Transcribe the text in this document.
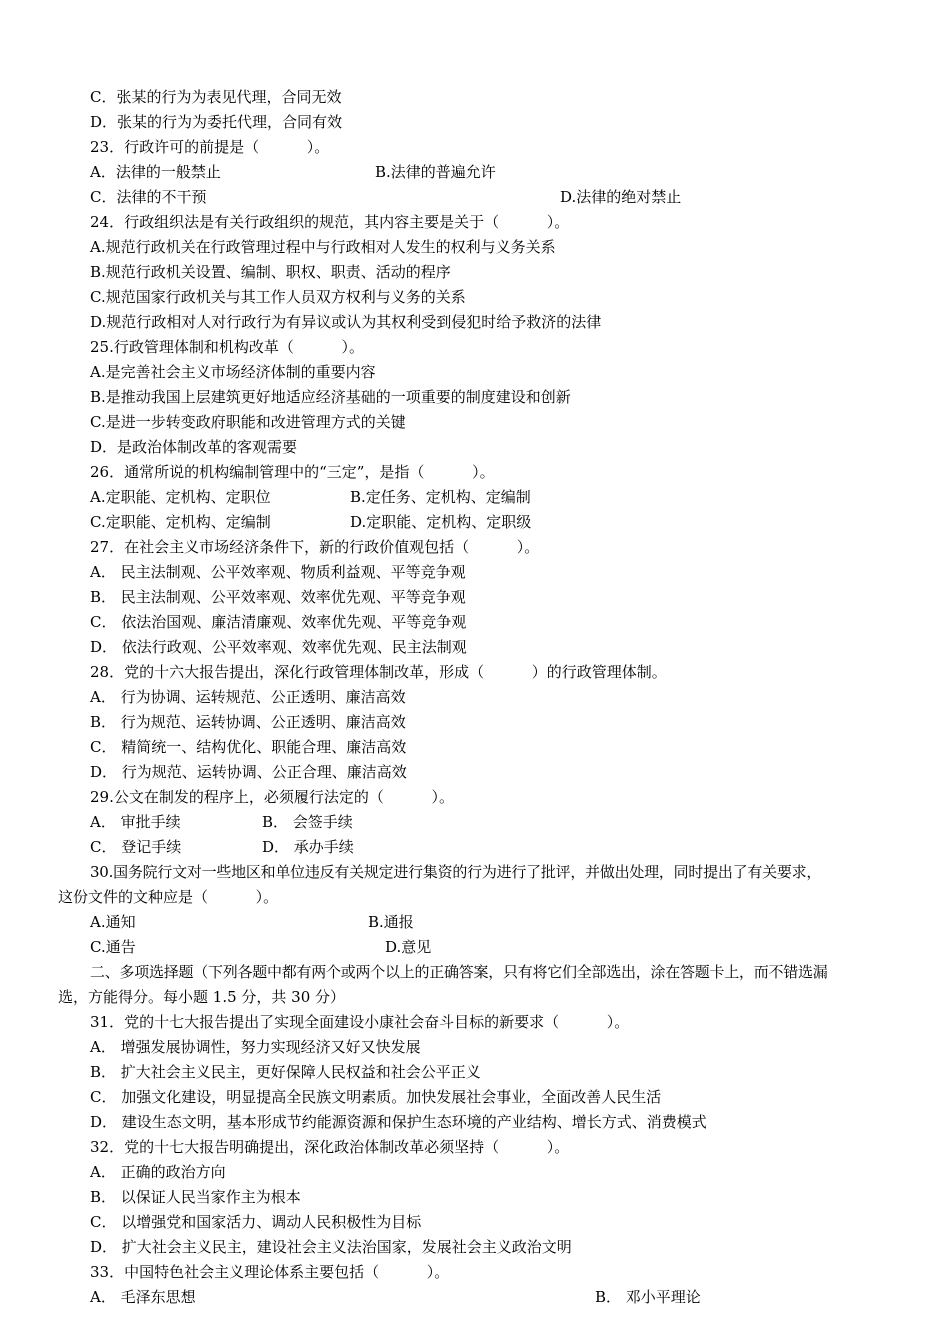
C．张某的行为为表见代理，合同无效
D．张某的行为为委托代理，合同有效
23．行政许可的前提是（          ）。
A．法律的一般禁止	B.法律的普遍允许
C．法律的不干预	D.法律的绝对禁止
24．行政组织法是有关行政组织的规范，其内容主要是关于（          ）。
A.规范行政机关在行政管理过程中与行政相对人发生的权利与义务关系
B.规范行政机关设置、编制、职权、职责、活动的程序
C.规范国家行政机关与其工作人员双方权利与义务的关系
D.规范行政相对人对行政行为有异议或认为其权利受到侵犯时给予救济的法律
25.行政管理体制和机构改革（          ）。
A.是完善社会主义市场经济体制的重要内容
B.是推动我国上层建筑更好地适应经济基础的一项重要的制度建设和创新
C.是进一步转变政府职能和改进管理方式的关键
D．是政治体制改革的客观需要
26．通常所说的机构编制管理中的“三定”，是指（          ）。
A.定职能、定机构、定职位	B.定任务、定机构、定编制
C.定职能、定机构、定编制	D.定职能、定机构、定职级
27．在社会主义市场经济条件下，新的行政价值观包括（          ）。
A． 民主法制观、公平效率观、物质利益观、平等竞争观
B． 民主法制观、公平效率观、效率优先观、平等竞争观
C． 依法治国观、廉洁清廉观、效率优先观、平等竞争观
D． 依法行政观、公平效率观、效率优先观、民主法制观
28．党的十六大报告提出，深化行政管理体制改革，形成（          ）的行政管理体制。
A． 行为协调、运转规范、公正透明、廉洁高效
B． 行为规范、运转协调、公正透明、廉洁高效
C． 精简统一、结构优化、职能合理、廉洁高效
D． 行为规范、运转协调、公正合理、廉洁高效
29.公文在制发的程序上，必须履行法定的（          ）。
A． 审批手续	B． 会签手续
C． 登记手续	D． 承办手续
30.国务院行文对一些地区和单位违反有关规定进行集资的行为进行了批评，并做出处理，同时提出了有关要求，
这份文件的文种应是（          ）。
A.通知	B.通报
C.通告	D.意见
二、多项选择题（下列各题中都有两个或两个以上的正确答案，只有将它们全部选出，涂在答题卡上，而不错选漏
选，方能得分。每小题 1.5 分，共 30 分）
31．党的十七大报告提出了实现全面建设小康社会奋斗目标的新要求（          ）。
A． 增强发展协调性，努力实现经济又好又快发展
B． 扩大社会主义民主，更好保障人民权益和社会公平正义
C． 加强文化建设，明显提高全民族文明素质。加快发展社会事业，全面改善人民生活
D． 建设生态文明，基本形成节约能源资源和保护生态环境的产业结构、增长方式、消费模式
32．党的十七大报告明确提出，深化政治体制改革必须坚持（          ）。
A． 正确的政治方向
B． 以保证人民当家作主为根本
C． 以增强党和国家活力、调动人民积极性为目标
D． 扩大社会主义民主，建设社会主义法治国家，发展社会主义政治文明
33．中国特色社会主义理论体系主要包括（          ）。
A． 毛泽东思想	B． 邓小平理论
